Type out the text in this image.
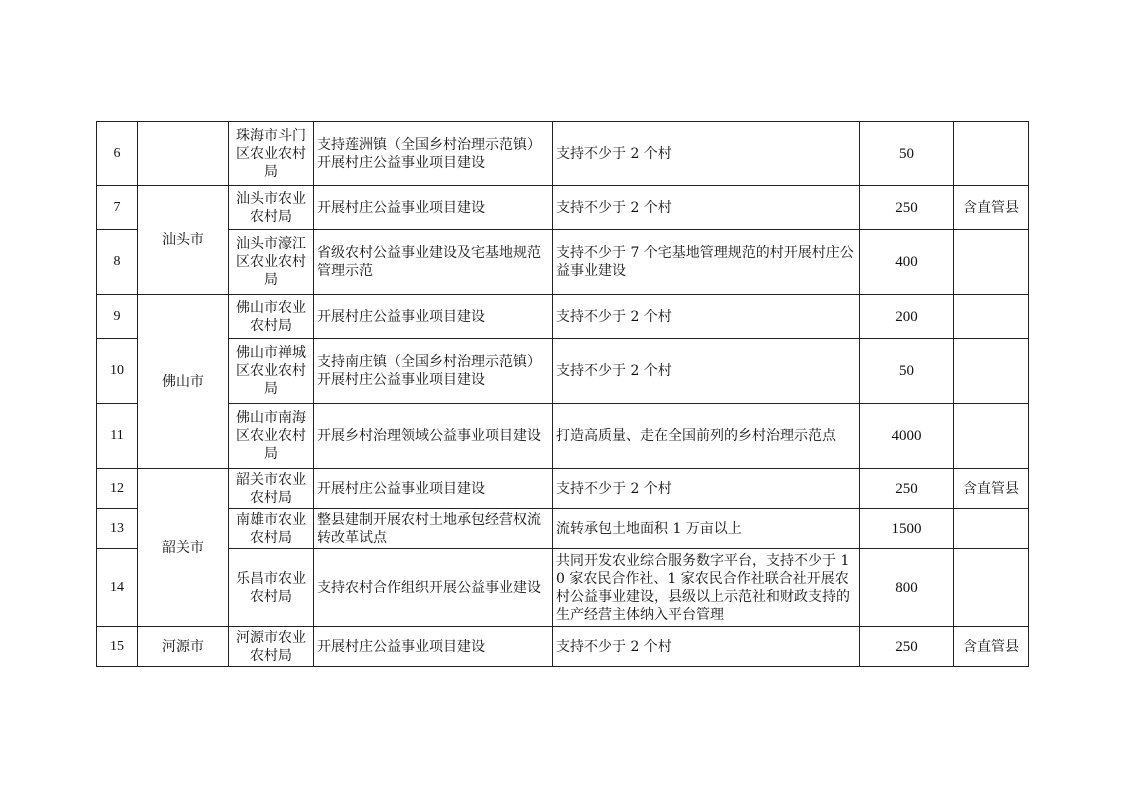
6		珠海市斗门区农业农村局	支持莲洲镇（全国乡村治理示范镇）开展村庄公益事业项目建设	支持不少于 2 个村	50	
7	汕头市	汕头市农业农村局	开展村庄公益事业项目建设	支持不少于 2 个村	250	含直管县
8		汕头市濠江区农业农村局	省级农村公益事业建设及宅基地规范管理示范	支持不少于 7 个宅基地管理规范的村开展村庄公益事业建设	400	
9	佛山市	佛山市农业农村局	开展村庄公益事业项目建设	支持不少于 2 个村	200	
10		佛山市禅城区农业农村局	支持南庄镇（全国乡村治理示范镇）开展村庄公益事业项目建设	支持不少于 2 个村	50	
11		佛山市南海区农业农村局	开展乡村治理领域公益事业项目建设	打造高质量、走在全国前列的乡村治理示范点	4000	
12	韶关市	韶关市农业农村局	开展村庄公益事业项目建设	支持不少于 2 个村	250	含直管县
13		南雄市农业农村局	整县建制开展农村土地承包经营权流转改革试点	流转承包土地面积 1 万亩以上	1500	
14		乐昌市农业农村局	支持农村合作组织开展公益事业建设	共同开发农业综合服务数字平台，支持不少于 10 家农民合作社、1 家农民合作社联合社开展农村公益事业建设，县级以上示范社和财政支持的生产经营主体纳入平台管理	800	
15	河源市	河源市农业农村局	开展村庄公益事业项目建设	支持不少于 2 个村	250	含直管县
